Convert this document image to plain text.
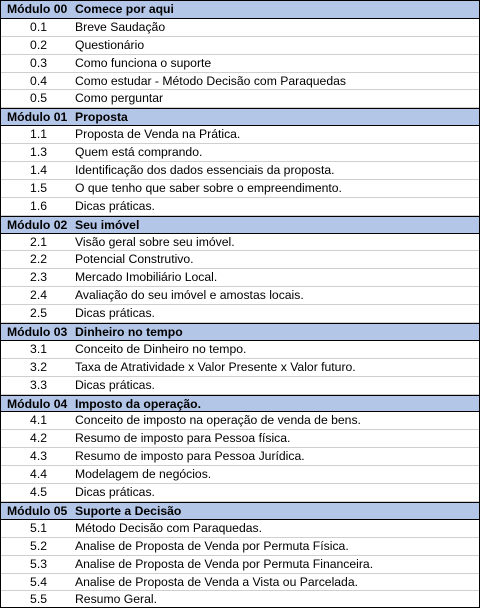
Módulo 00 Comece por aqui
0.1 Breve Saudação
0.2 Questionário
0.3 Como funciona o suporte
0.4 Como estudar - Método Decisão com Paraquedas
0.5 Como perguntar
Módulo 01 Proposta
1.1 Proposta de Venda na Prática.
1.3 Quem está comprando.
1.4 Identificação dos dados essenciais da proposta.
1.5 O que tenho que saber sobre o empreendimento.
1.6 Dicas práticas.
Módulo 02 Seu imóvel
2.1 Visão geral sobre seu imóvel.
2.2 Potencial Construtivo.
2.3 Mercado Imobiliário Local.
2.4 Avaliação do seu imóvel e amostas locais.
2.5 Dicas práticas.
Módulo 03 Dinheiro no tempo
3.1 Conceito de Dinheiro no tempo.
3.2 Taxa de Atratividade x Valor Presente x Valor futuro.
3.3 Dicas práticas.
Módulo 04 Imposto da operação.
4.1 Conceito de imposto na operação de venda de bens.
4.2 Resumo de imposto para Pessoa física.
4.3 Resumo de imposto para Pessoa Jurídica.
4.4 Modelagem de negócios.
4.5 Dicas práticas.
Módulo 05 Suporte a Decisão
5.1 Método Decisão com Paraquedas.
5.2 Analise de Proposta de Venda por Permuta Física.
5.3 Analise de Proposta de Venda por Permuta Financeira.
5.4 Analise de Proposta de Venda a Vista ou Parcelada.
5.5 Resumo Geral.
